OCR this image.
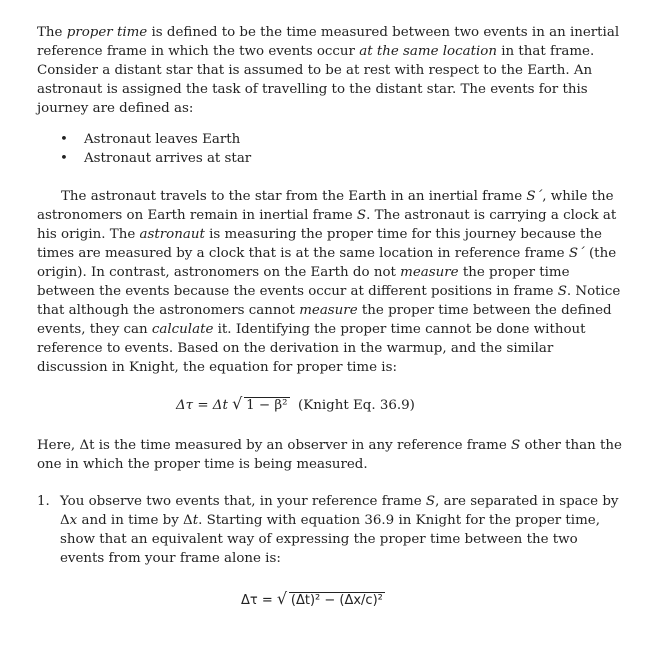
The proper time is defined to be the time measured between two events in an inertial reference frame in which the two events occur at the same location in that frame. Consider a distant star that is assumed to be at rest with respect to the Earth. An astronaut is assigned the task of travelling to the distant star. The events for this journey are defined as:

• Astronaut leaves Earth
• Astronaut arrives at star

The astronaut travels to the star from the Earth in an inertial frame S´, while the astronomers on Earth remain in inertial frame S. The astronaut is carrying a clock at his origin. The astronaut is measuring the proper time for this journey because the times are measured by a clock that is at the same location in reference frame S´ (the origin). In contrast, astronomers on the Earth do not measure the proper time between the events because the events occur at different positions in frame S. Notice that although the astronomers cannot measure the proper time between the defined events, they can calculate it. Identifying the proper time cannot be done without reference to events. Based on the derivation in the warmup, and the similar discussion in Knight, the equation for proper time is:

Δτ = Δt √ 1 − β² (Knight Eq. 36.9)

Here, Δt is the time measured by an observer in any reference frame S other than the one in which the proper time is being measured.

1. You observe two events that, in your reference frame S, are separated in space by Δx and in time by Δt. Starting with equation 36.9 in Knight for the proper time, show that an equivalent way of expressing the proper time between the two events from your frame alone is:
Δτ = √ (Δt)² − (Δx/c)²
